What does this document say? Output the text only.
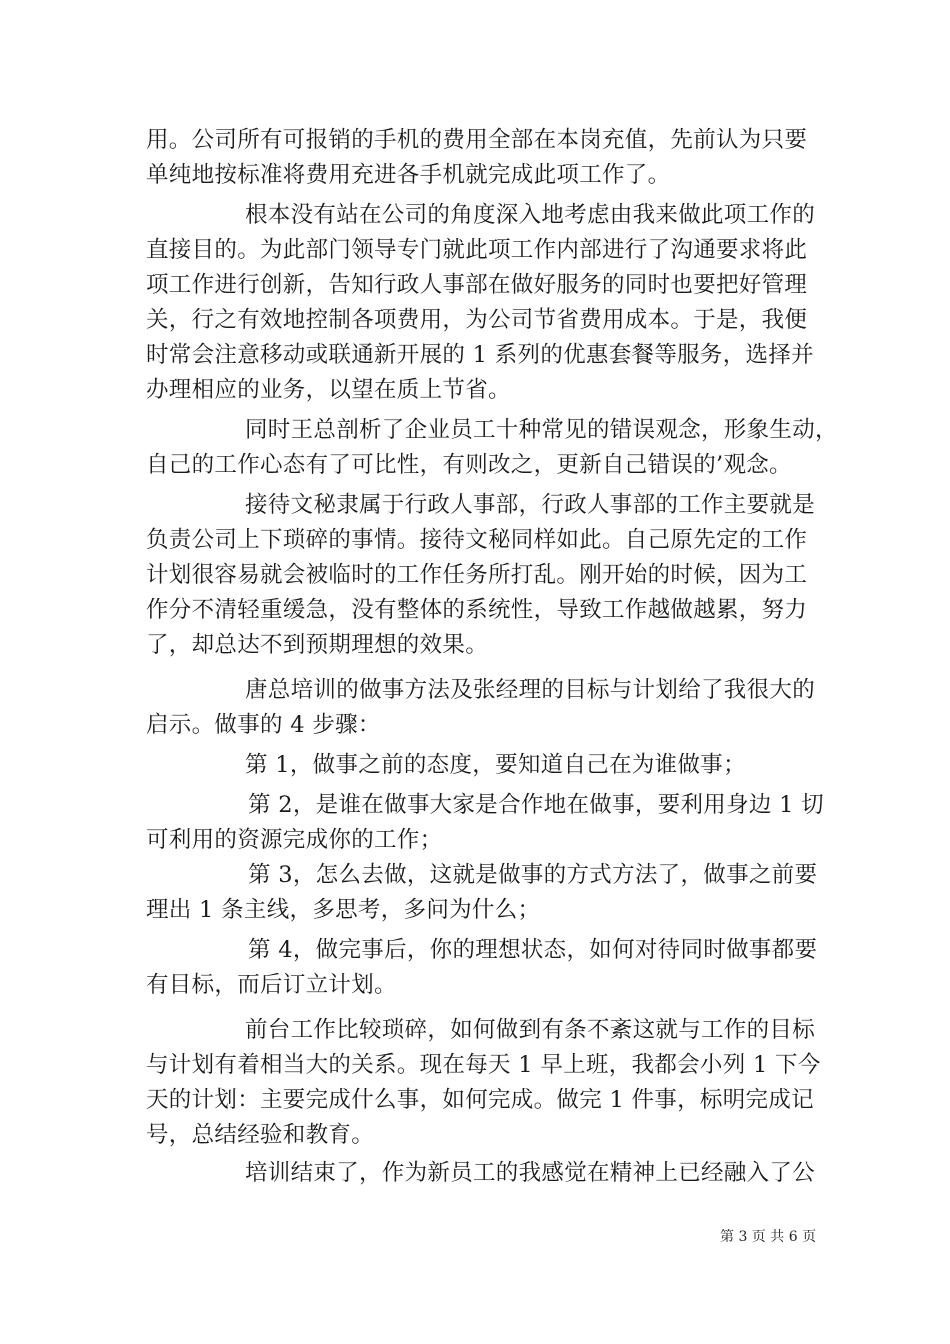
用。公司所有可报销的手机的费用全部在本岗充值，先前认为只要
单纯地按标准将费用充进各手机就完成此项工作了。
根本没有站在公司的角度深入地考虑由我来做此项工作的
直接目的。为此部门领导专门就此项工作内部进行了沟通要求将此
项工作进行创新，告知行政人事部在做好服务的同时也要把好管理
关，行之有效地控制各项费用，为公司节省费用成本。于是，我便
时常会注意移动或联通新开展的 1 系列的优惠套餐等服务，选择并
办理相应的业务，以望在质上节省。
同时王总剖析了企业员工十种常见的错误观念，形象生动，
自己的工作心态有了可比性，有则改之，更新自己错误的’观念。
接待文秘隶属于行政人事部，行政人事部的工作主要就是
负责公司上下琐碎的事情。接待文秘同样如此。自己原先定的工作
计划很容易就会被临时的工作任务所打乱。刚开始的时候，因为工
作分不清轻重缓急，没有整体的系统性，导致工作越做越累，努力
了，却总达不到预期理想的效果。
唐总培训的做事方法及张经理的目标与计划给了我很大的
启示。做事的 4 步骤：
第 1，做事之前的态度，要知道自己在为谁做事；
第 2，是谁在做事大家是合作地在做事，要利用身边 1 切
可利用的资源完成你的工作；
第 3，怎么去做，这就是做事的方式方法了，做事之前要
理出 1 条主线，多思考，多问为什么；
第 4，做完事后，你的理想状态，如何对待同时做事都要
有目标，而后订立计划。
前台工作比较琐碎，如何做到有条不紊这就与工作的目标
与计划有着相当大的关系。现在每天 1 早上班，我都会小列 1 下今
天的计划：主要完成什么事，如何完成。做完 1 件事，标明完成记
号，总结经验和教育。
培训结束了，作为新员工的我感觉在精神上已经融入了公
第 3 页 共 6 页
